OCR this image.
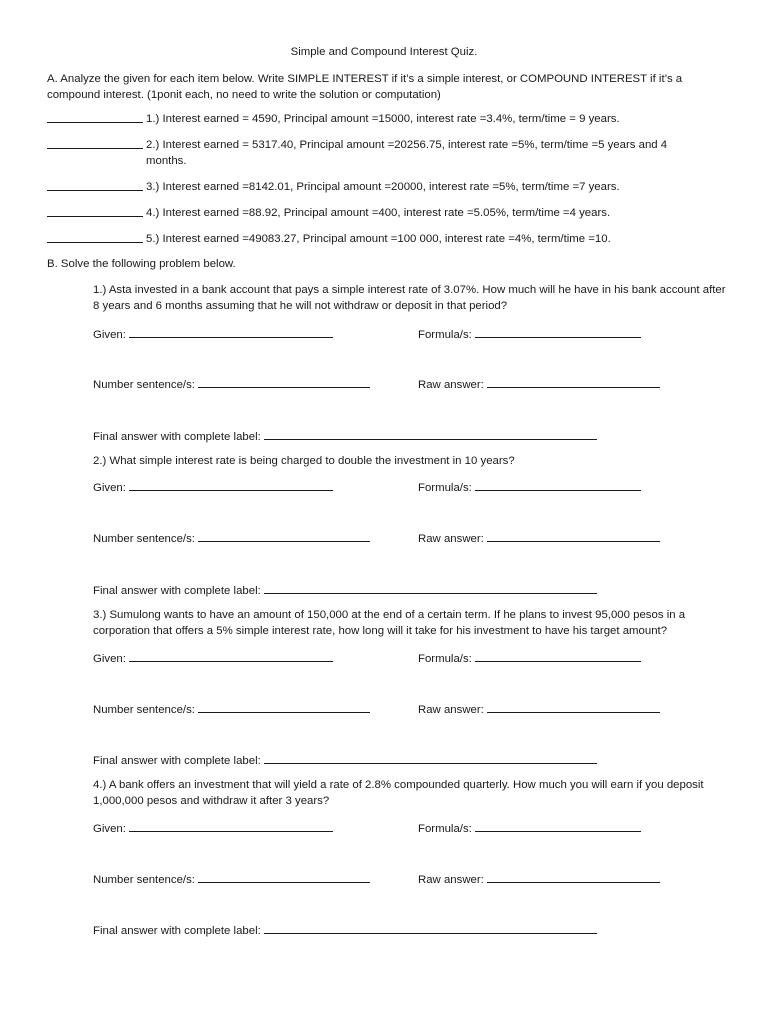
Simple and Compound Interest Quiz.
A. Analyze the given for each item below. Write SIMPLE INTEREST if it’s a simple interest, or COMPOUND INTEREST if it’s a compound interest. (1ponit each, no need to write the solution or computation)
1.) Interest earned = 4590, Principal amount =15000, interest rate =3.4%, term/time = 9 years.
2.) Interest earned = 5317.40, Principal amount =20256.75, interest rate =5%, term/time =5 years and 4 months.
3.) Interest earned =8142.01, Principal amount =20000, interest rate =5%, term/time =7 years.
4.) Interest earned =88.92, Principal amount =400, interest rate =5.05%, term/time =4 years.
5.) Interest earned =49083.27, Principal amount =100 000, interest rate =4%, term/time =10.
B. Solve the following problem below.
1.) Asta invested in a bank account that pays a simple interest rate of 3.07%. How much will he have in his bank account after 8 years and 6 months assuming that he will not withdraw or deposit in that period?
Given:	Formula/s:
Number sentence/s:	Raw answer:
Final answer with complete label:
2.) What simple interest rate is being charged to double the investment in 10 years?
Given:	Formula/s:
Number sentence/s:	Raw answer:
Final answer with complete label:
3.) Sumulong wants to have an amount of 150,000 at the end of a certain term. If he plans to invest 95,000 pesos in a corporation that offers a 5% simple interest rate, how long will it take for his investment to have his target amount?
Given:	Formula/s:
Number sentence/s:	Raw answer:
Final answer with complete label:
4.) A bank offers an investment that will yield a rate of 2.8% compounded quarterly. How much you will earn if you deposit 1,000,000 pesos and withdraw it after 3 years?
Given:	Formula/s:
Number sentence/s:	Raw answer:
Final answer with complete label:
